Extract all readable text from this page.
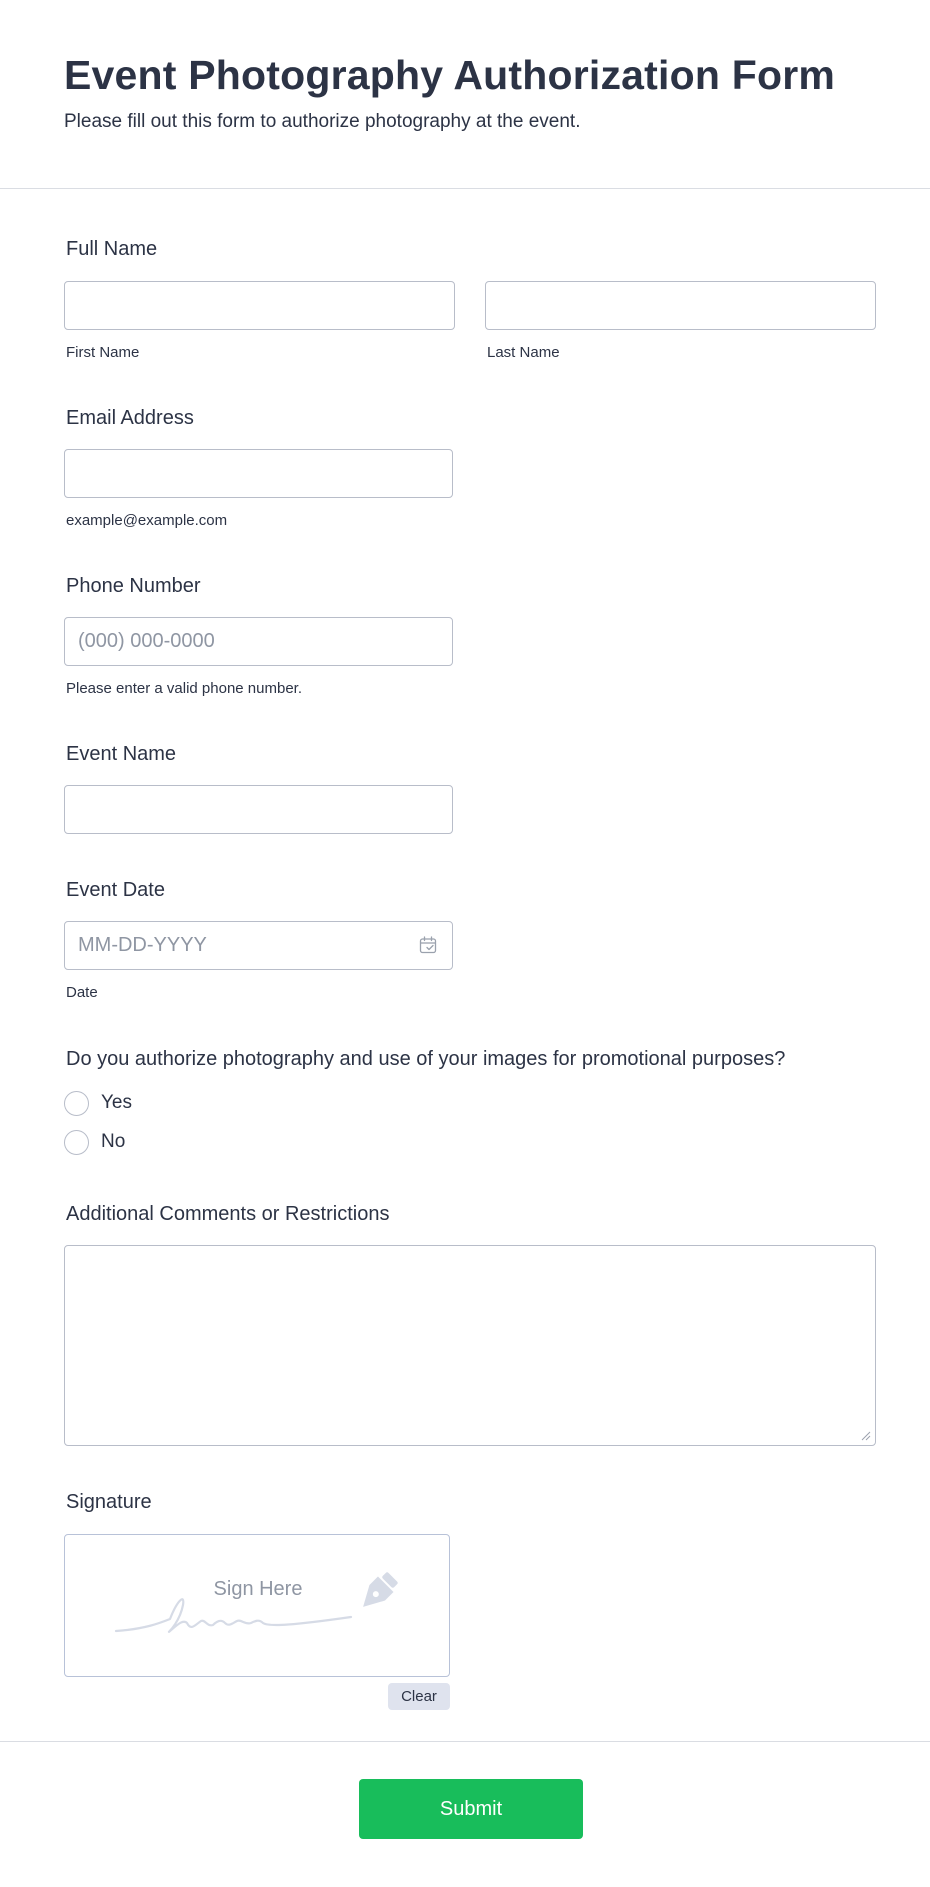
Event Photography Authorization Form
Please fill out this form to authorize photography at the event.
Full Name
First Name	Last Name
Email Address
example@example.com
Phone Number
(000) 000-0000
Please enter a valid phone number.
Event Name
Event Date
MM-DD-YYYY
Date
Do you authorize photography and use of your images for promotional purposes?
Yes
No
Additional Comments or Restrictions
Signature
Sign Here
Clear
Submit
